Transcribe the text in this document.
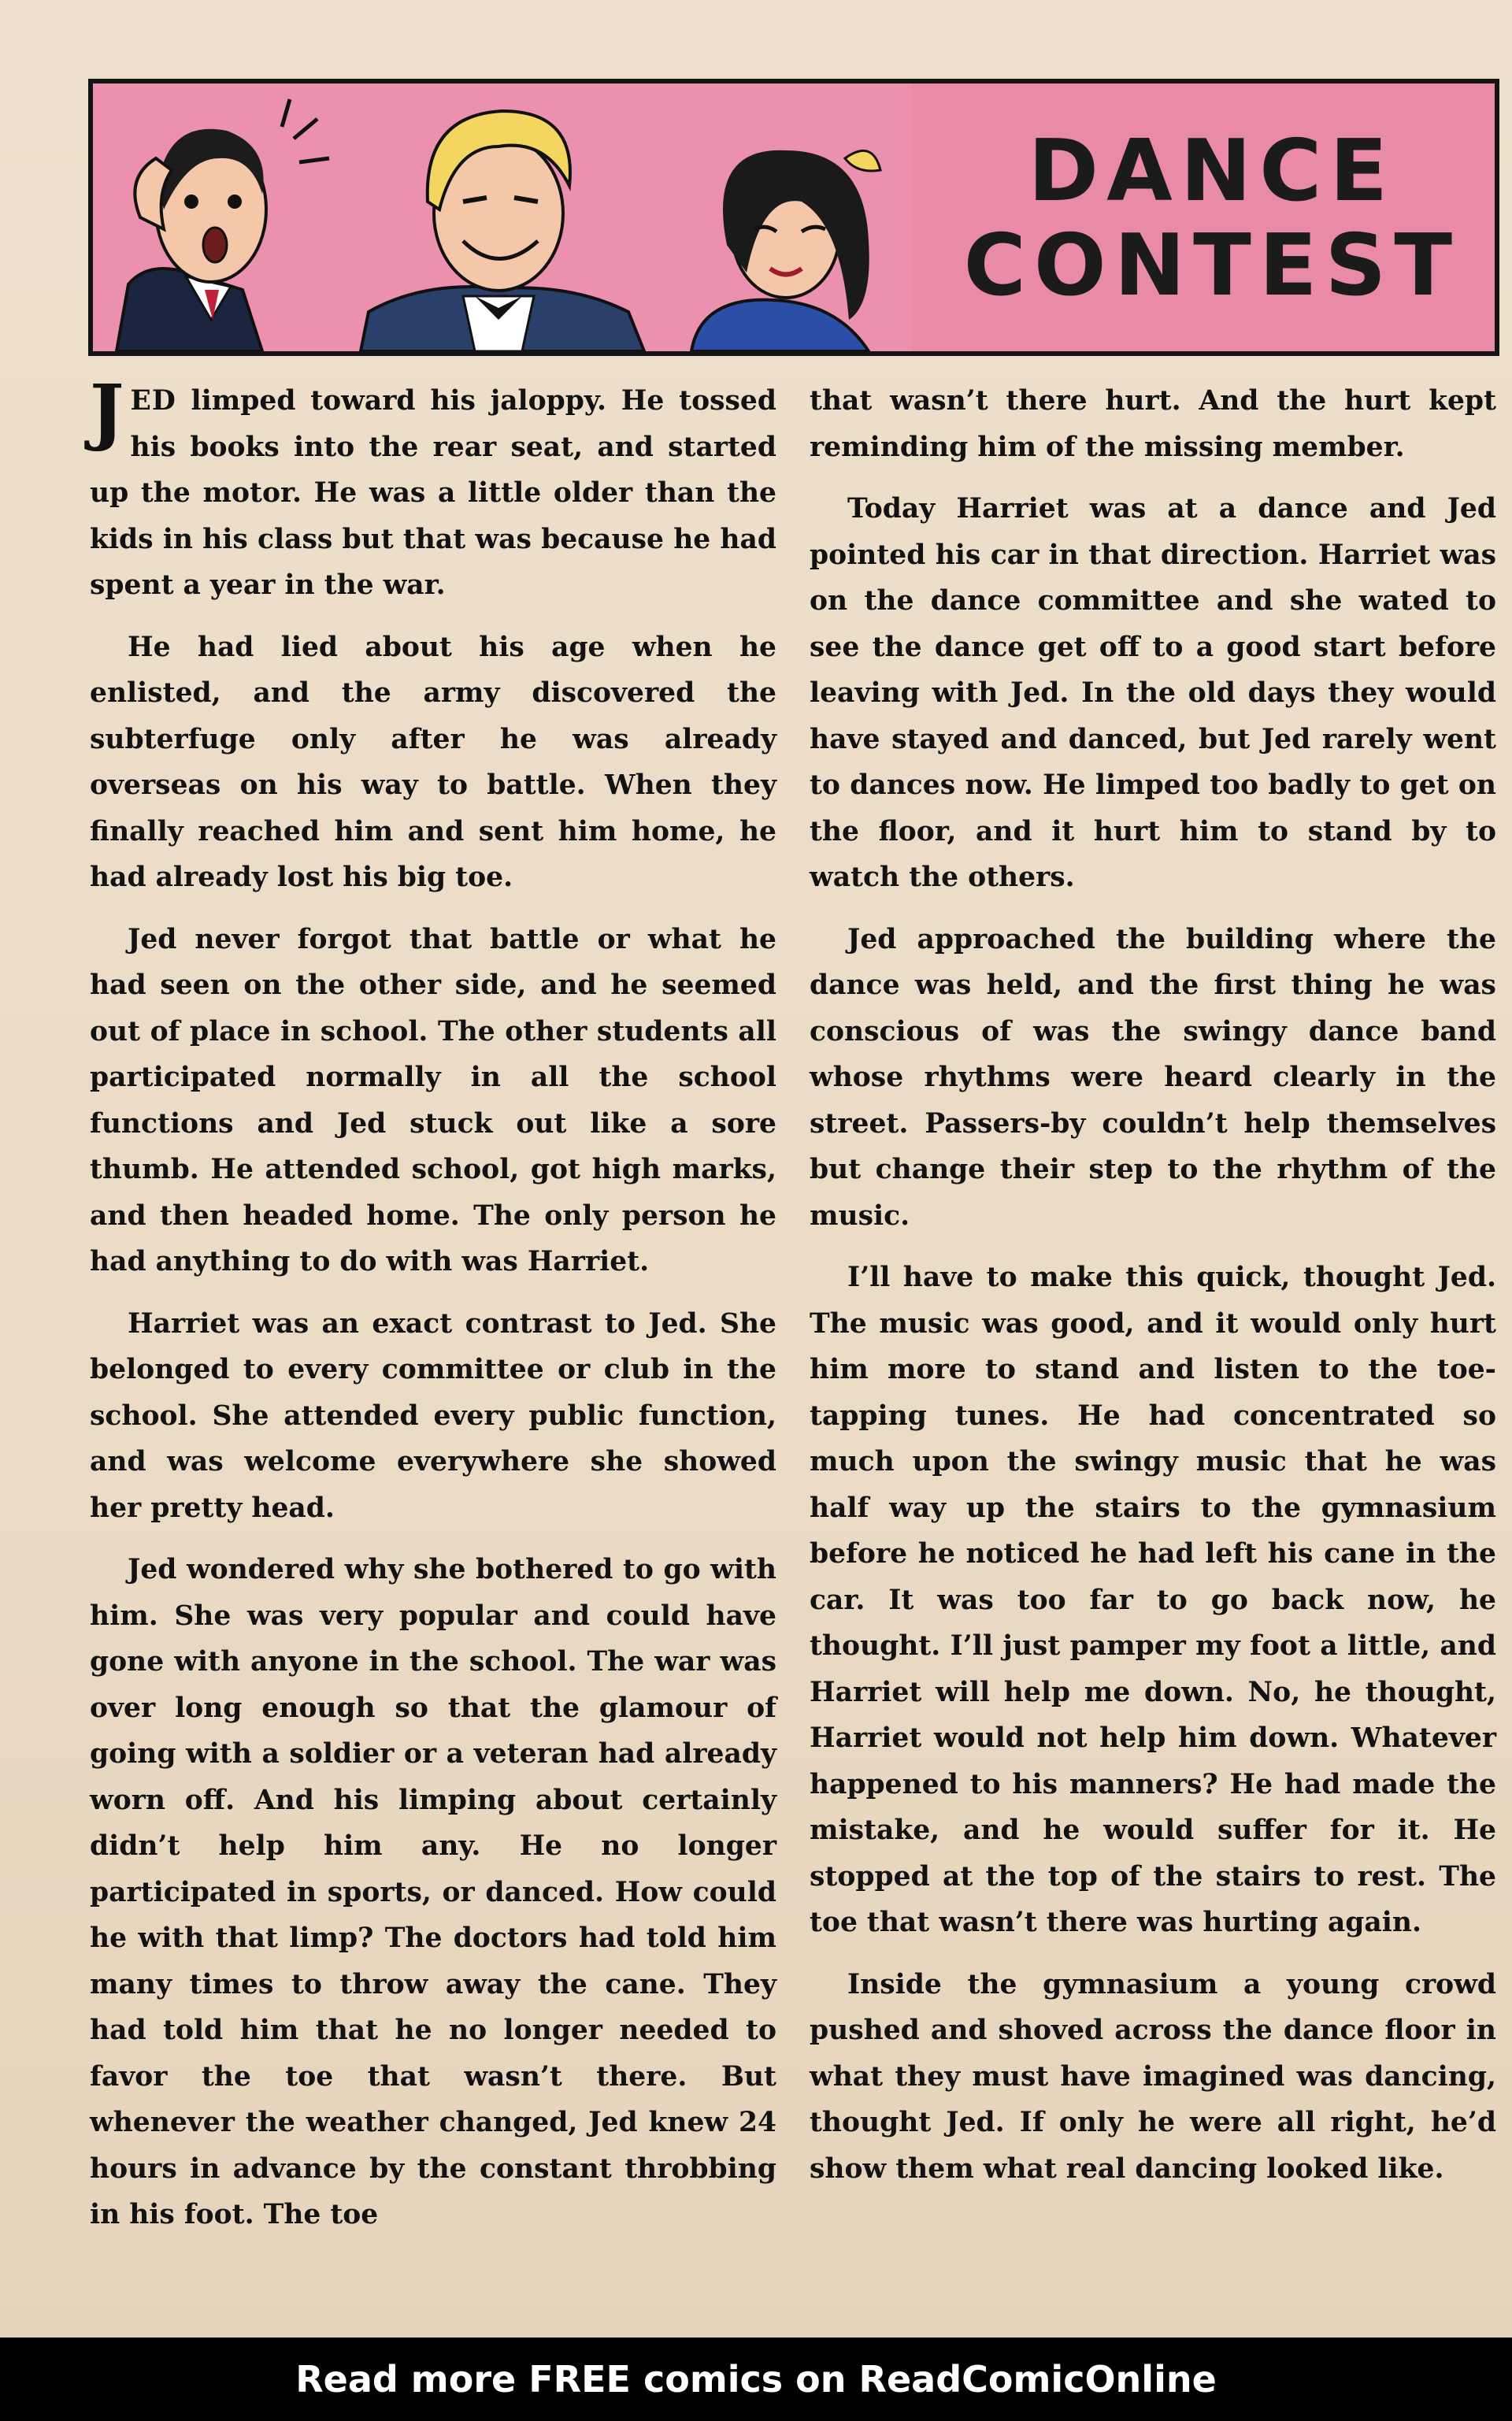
DANCE
CONTEST

JED limped toward his jaloppy. He tossed his books into the rear seat, and started up the motor. He was a little older than the kids in his class but that was because he had spent a year in the war.

He had lied about his age when he enlisted, and the army discovered the subterfuge only after he was already overseas on his way to battle. When they finally reached him and sent him home, he had already lost his big toe.

Jed never forgot that battle or what he had seen on the other side, and he seemed out of place in school. The other students all participated normally in all the school functions and Jed stuck out like a sore thumb. He attended school, got high marks, and then headed home. The only person he had anything to do with was Harriet.

Harriet was an exact contrast to Jed. She belonged to every committee or club in the school. She attended every public function, and was welcome everywhere she showed her pretty head.

Jed wondered why she bothered to go with him. She was very popular and could have gone with anyone in the school. The war was over long enough so that the glamour of going with a soldier or a veteran had already worn off. And his limping about certainly didn’t help him any. He no longer participated in sports, or danced. How could he with that limp? The doctors had told him many times to throw away the cane. They had told him that he no longer needed to favor the toe that wasn’t there. But whenever the weather changed, Jed knew 24 hours in advance by the constant throbbing in his foot. The toe

that wasn’t there hurt. And the hurt kept reminding him of the missing member.

Today Harriet was at a dance and Jed pointed his car in that direction. Harriet was on the dance committee and she wated to see the dance get off to a good start before leaving with Jed. In the old days they would have stayed and danced, but Jed rarely went to dances now. He limped too badly to get on the floor, and it hurt him to stand by to watch the others.

Jed approached the building where the dance was held, and the first thing he was conscious of was the swingy dance band whose rhythms were heard clearly in the street. Passers-by couldn’t help themselves but change their step to the rhythm of the music.

I’ll have to make this quick, thought Jed. The music was good, and it would only hurt him more to stand and listen to the toe-tapping tunes. He had concentrated so much upon the swingy music that he was half way up the stairs to the gymnasium before he noticed he had left his cane in the car. It was too far to go back now, he thought. I’ll just pamper my foot a little, and Harriet will help me down. No, he thought, Harriet would not help him down. Whatever happened to his manners? He had made the mistake, and he would suffer for it. He stopped at the top of the stairs to rest. The toe that wasn’t there was hurting again.

Inside the gymnasium a young crowd pushed and shoved across the dance floor in what they must have imagined was dancing, thought Jed. If only he were all right, he’d show them what real dancing looked like.

Read more FREE comics on ReadComicOnline
